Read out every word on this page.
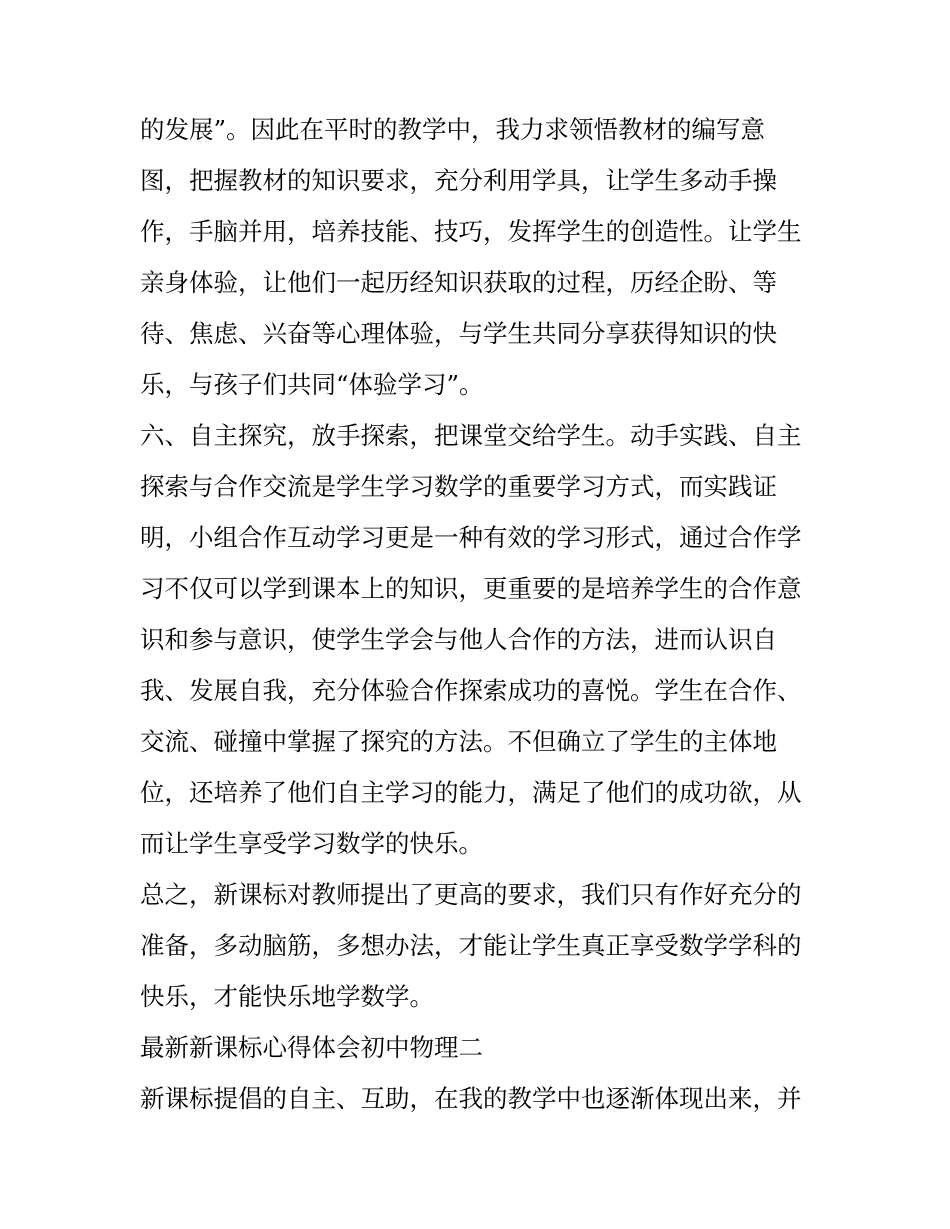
的发展”。因此在平时的教学中，我力求领悟教材的编写意
图，把握教材的知识要求，充分利用学具，让学生多动手操
作，手脑并用，培养技能、技巧，发挥学生的创造性。让学生
亲身体验，让他们一起历经知识获取的过程，历经企盼、等
待、焦虑、兴奋等心理体验，与学生共同分享获得知识的快
乐，与孩子们共同“体验学习”。
六、自主探究，放手探索，把课堂交给学生。动手实践、自主
探索与合作交流是学生学习数学的重要学习方式，而实践证
明，小组合作互动学习更是一种有效的学习形式，通过合作学
习不仅可以学到课本上的知识，更重要的是培养学生的合作意
识和参与意识，使学生学会与他人合作的方法，进而认识自
我、发展自我，充分体验合作探索成功的喜悦。学生在合作、
交流、碰撞中掌握了探究的方法。不但确立了学生的主体地
位，还培养了他们自主学习的能力，满足了他们的成功欲，从
而让学生享受学习数学的快乐。
总之，新课标对教师提出了更高的要求，我们只有作好充分的
准备，多动脑筋，多想办法，才能让学生真正享受数学学科的
快乐，才能快乐地学数学。
最新新课标心得体会初中物理二
新课标提倡的自主、互助，在我的教学中也逐渐体现出来，并
